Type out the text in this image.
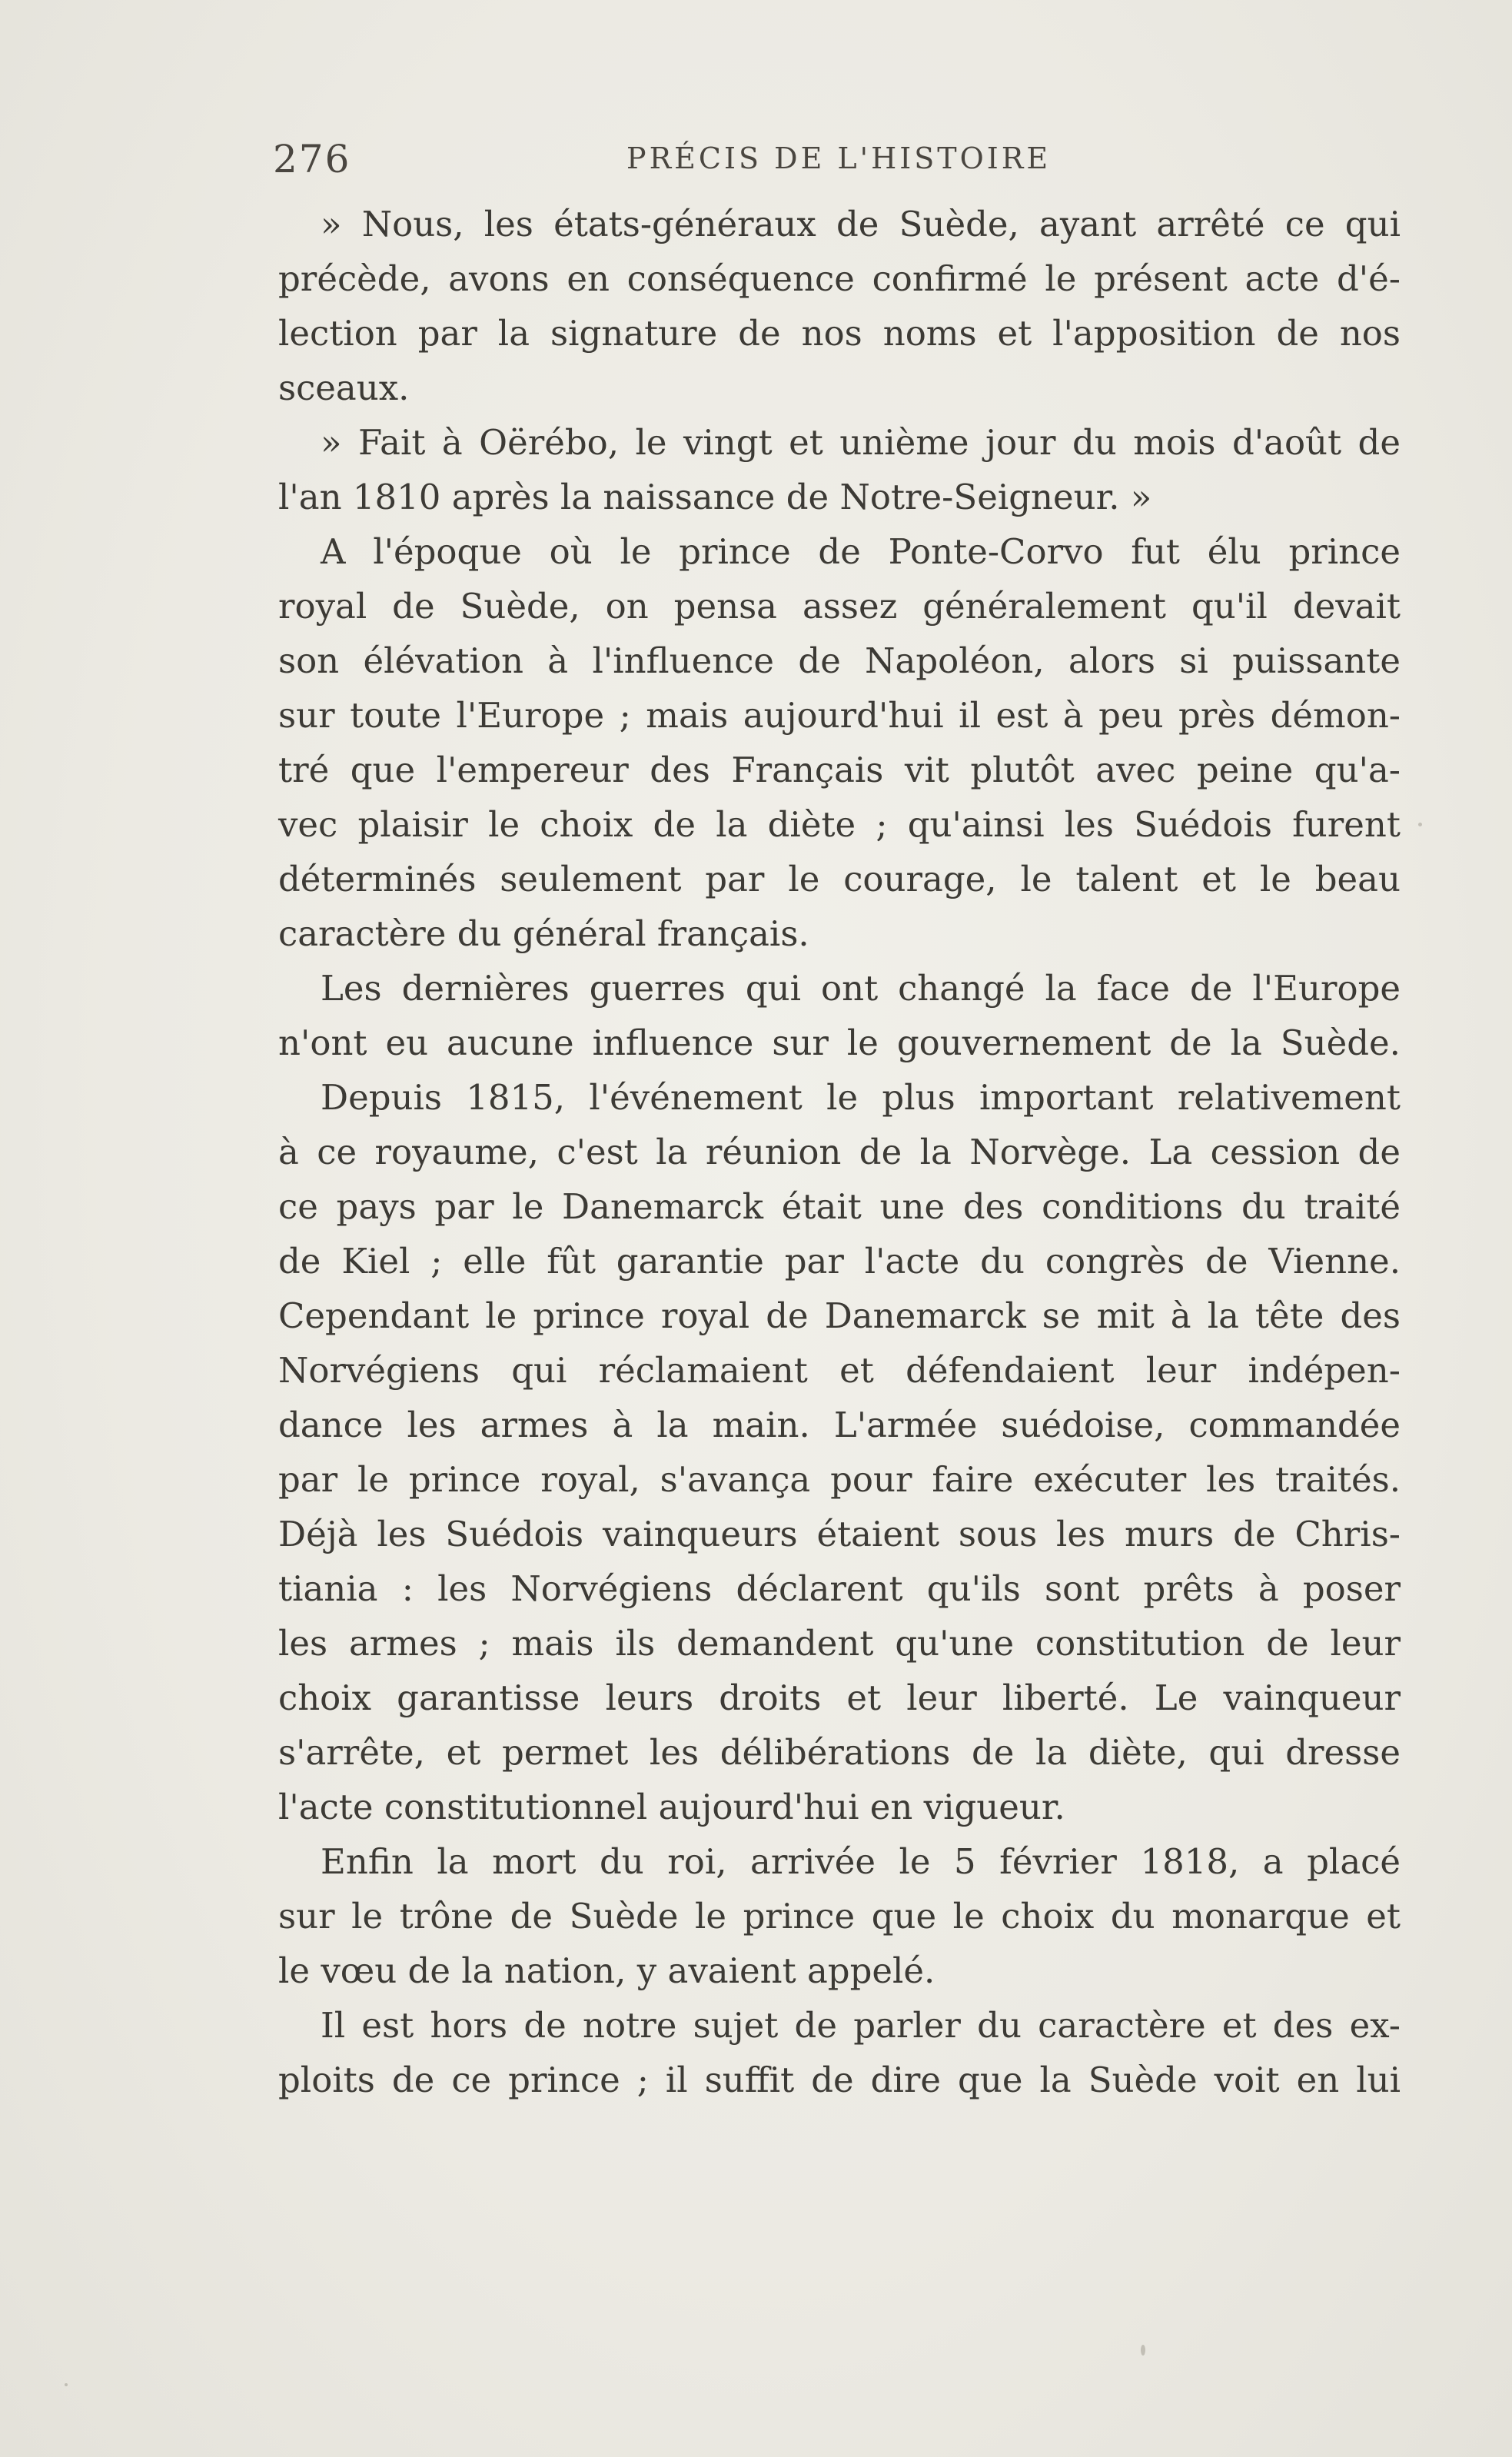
276	PRÉCIS DE L'HISTOIRE
» Nous, les états-généraux de Suède, ayant arrêté ce qui
précède, avons en conséquence confirmé le présent acte d'é-
lection par la signature de nos noms et l'apposition de nos
sceaux.
» Fait à Oërébo, le vingt et unième jour du mois d'août de
l'an 1810 après la naissance de Notre-Seigneur. »
A l'époque où le prince de Ponte-Corvo fut élu prince
royal de Suède, on pensa assez généralement qu'il devait
son élévation à l'influence de Napoléon, alors si puissante
sur toute l'Europe ; mais aujourd'hui il est à peu près démon-
tré que l'empereur des Français vit plutôt avec peine qu'a-
vec plaisir le choix de la diète ; qu'ainsi les Suédois furent
déterminés seulement par le courage, le talent et le beau
caractère du général français.
Les dernières guerres qui ont changé la face de l'Europe
n'ont eu aucune influence sur le gouvernement de la Suède.
Depuis 1815, l'événement le plus important relativement
à ce royaume, c'est la réunion de la Norvège. La cession de
ce pays par le Danemarck était une des conditions du traité
de Kiel ; elle fût garantie par l'acte du congrès de Vienne.
Cependant le prince royal de Danemarck se mit à la tête des
Norvégiens qui réclamaient et défendaient leur indépen-
dance les armes à la main. L'armée suédoise, commandée
par le prince royal, s'avança pour faire exécuter les traités.
Déjà les Suédois vainqueurs étaient sous les murs de Chris-
tiania : les Norvégiens déclarent qu'ils sont prêts à poser
les armes ; mais ils demandent qu'une constitution de leur
choix garantisse leurs droits et leur liberté. Le vainqueur
s'arrête, et permet les délibérations de la diète, qui dresse
l'acte constitutionnel aujourd'hui en vigueur.
Enfin la mort du roi, arrivée le 5 février 1818, a placé
sur le trône de Suède le prince que le choix du monarque et
le vœu de la nation, y avaient appelé.
Il est hors de notre sujet de parler du caractère et des ex-
ploits de ce prince ; il suffit de dire que la Suède voit en lui
